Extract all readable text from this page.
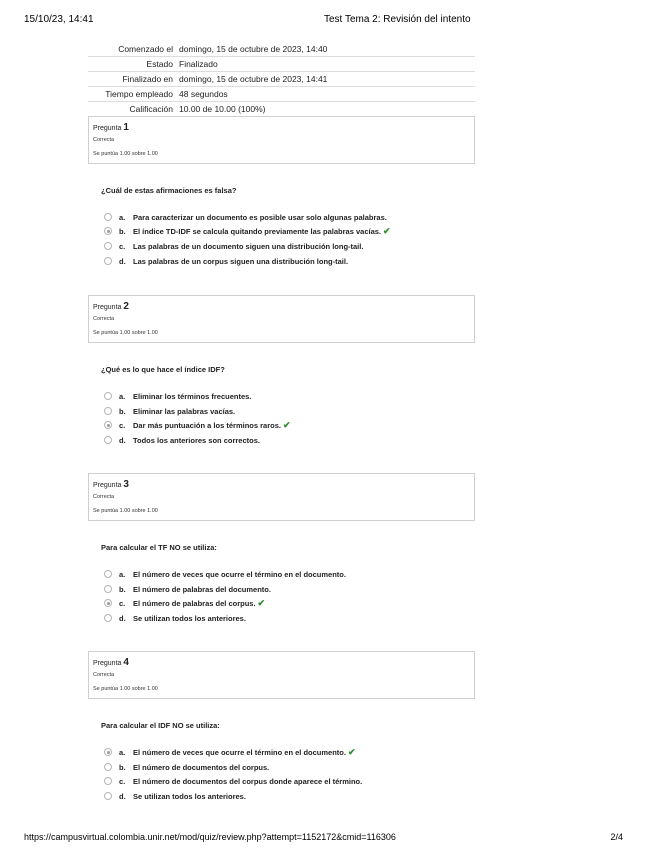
15/10/23, 14:41	Test Tema 2: Revisión del intento
Comenzado el	domingo, 15 de octubre de 2023, 14:40
Estado	Finalizado
Finalizado en	domingo, 15 de octubre de 2023, 14:41
Tiempo empleado	48 segundos
Calificación	10.00 de 10.00 (100%)
Pregunta 1
Correcta
Se puntúa 1.00 sobre 1.00
¿Cuál de estas afirmaciones es falsa?
a.	Para caracterizar un documento es posible usar solo algunas palabras.
b. El índice TD-IDF se calcula quitando previamente las palabras vacías. ✔
c.	Las palabras de un documento siguen una distribución long-tail.
d. Las palabras de un corpus siguen una distribución long-tail.
Pregunta 2
Correcta
Se puntúa 1.00 sobre 1.00
¿Qué es lo que hace el índice IDF?
a.	Eliminar los términos frecuentes.
b. Eliminar las palabras vacías.
c.	Dar más puntuación a los términos raros. ✔
d. Todos los anteriores son correctos.
Pregunta 3
Correcta
Se puntúa 1.00 sobre 1.00
Para calcular el TF NO se utiliza:
a.	El número de veces que ocurre el término en el documento.
b. El número de palabras del documento.
c.	El número de palabras del corpus. ✔
d. Se utilizan todos los anteriores.
Pregunta 4
Correcta
Se puntúa 1.00 sobre 1.00
Para calcular el IDF NO se utiliza:
a.	El número de veces que ocurre el término en el documento. ✔
b. El número de documentos del corpus.
c.	El número de documentos del corpus donde aparece el término.
d. Se utilizan todos los anteriores.
https://campusvirtual.colombia.unir.net/mod/quiz/review.php?attempt=1152172&cmid=116306	2/4
